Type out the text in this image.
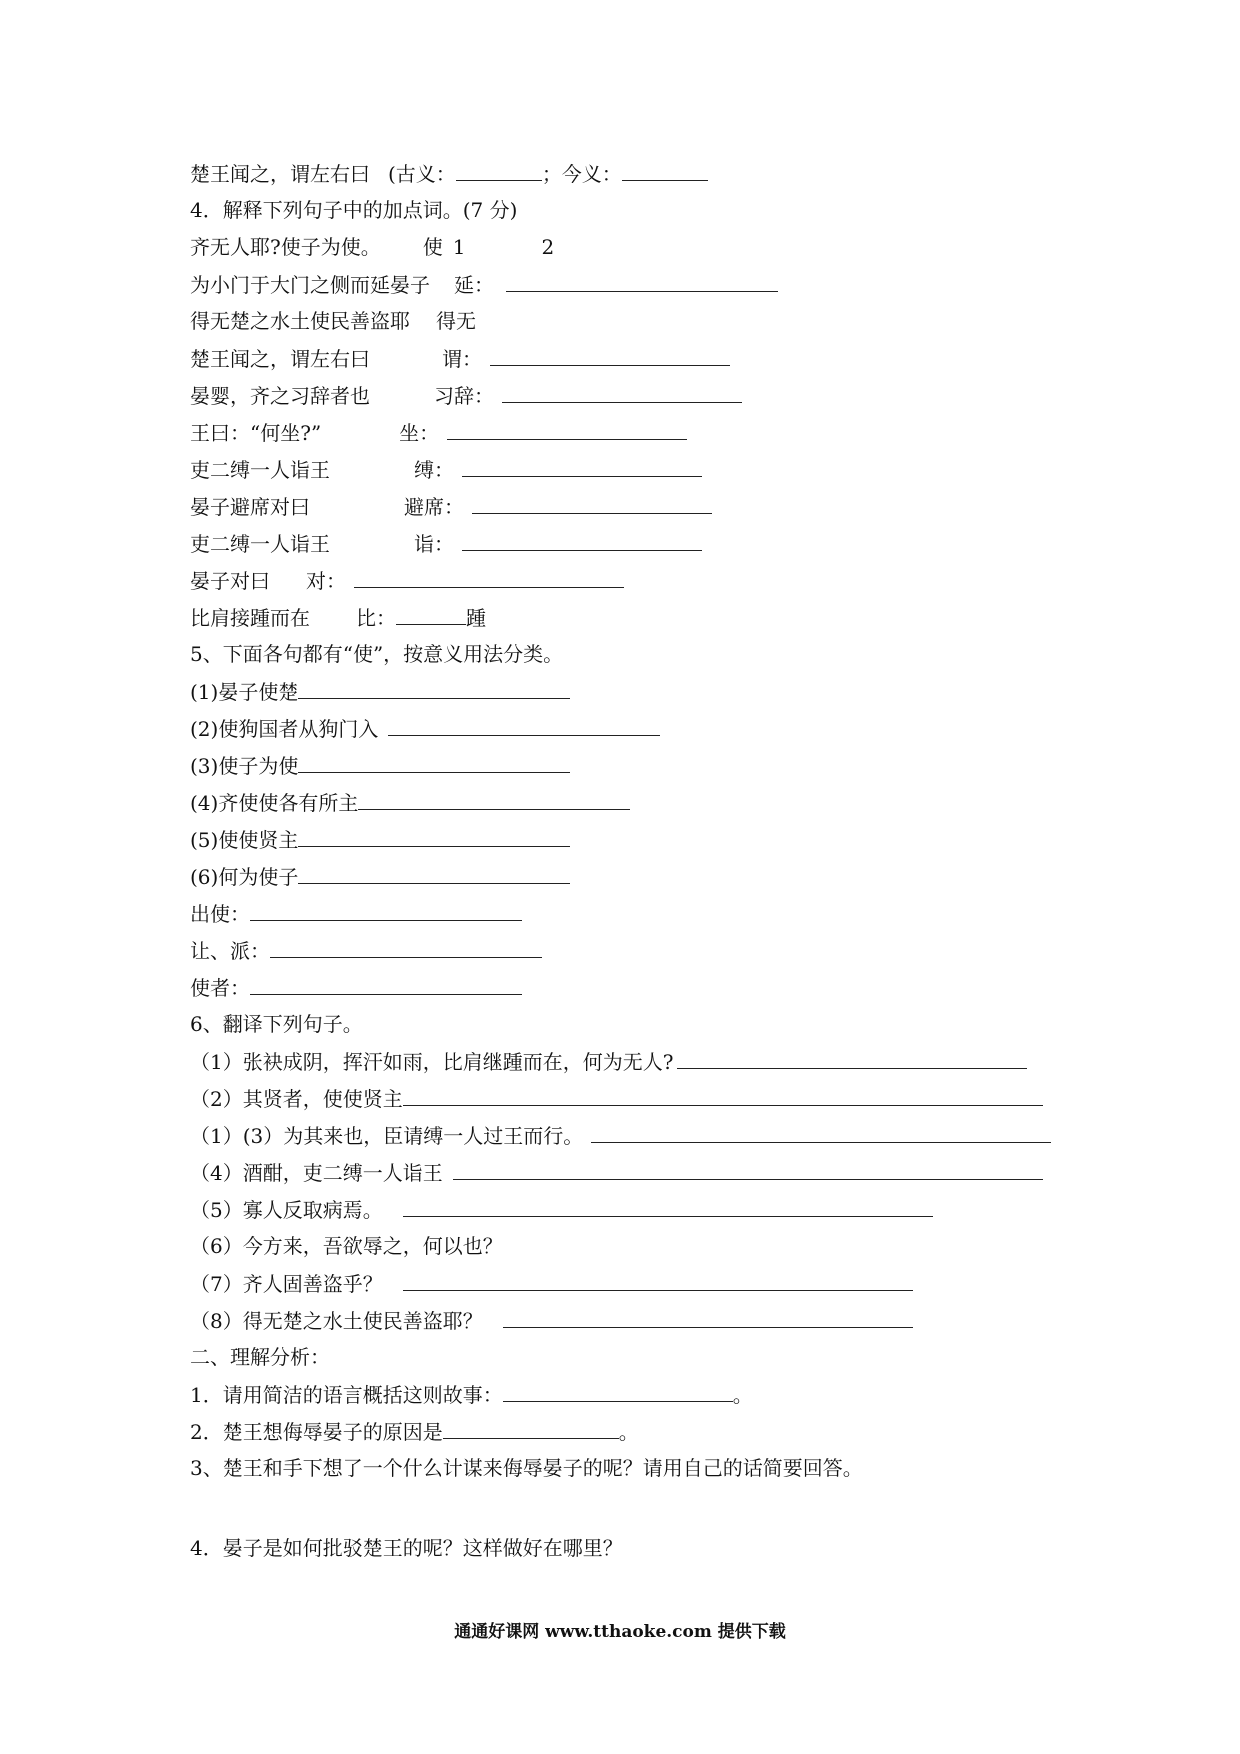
楚王闻之，谓左右曰 (古义：	；今义：
4．解释下列句子中的加点词。(7 分)
齐无人耶?使子为使。 使 1	2
为小门于大门之侧而延晏子 延：
得无楚之水土使民善盗耶 得无
楚王闻之，谓左右曰	谓：
晏婴，齐之习辞者也	习辞：
王曰：“何坐?”	坐：
吏二缚一人诣王	缚：
晏子避席对曰	避席：
吏二缚一人诣王	诣：
晏子对曰 对：
比肩接踵而在 比：	踵
5、下面各句都有“使”，按意义用法分类。
(1)晏子使楚
(2)使狗国者从狗门入
(3)使子为使
(4)齐使使各有所主
(5)使使贤主
(6)何为使子
出使：
让、派：
使者：
6、翻译下列句子。
（1）张袂成阴，挥汗如雨，比肩继踵而在，何为无人?
（2）其贤者，使使贤主
（1）(3）为其来也，臣请缚一人过王而行。
（4）酒酣，吏二缚一人诣王
（5）寡人反取病焉。
（6）今方来，吾欲辱之，何以也？
（7）齐人固善盗乎？
（8）得无楚之水土使民善盗耶？
二、理解分析：
1．请用简洁的语言概括这则故事：	。
2．楚王想侮辱晏子的原因是	。
3、楚王和手下想了一个什么计谋来侮辱晏子的呢？请用自己的话简要回答。
4．晏子是如何批驳楚王的呢？这样做好在哪里？
通通好课网 www.tthaoke.com 提供下载
